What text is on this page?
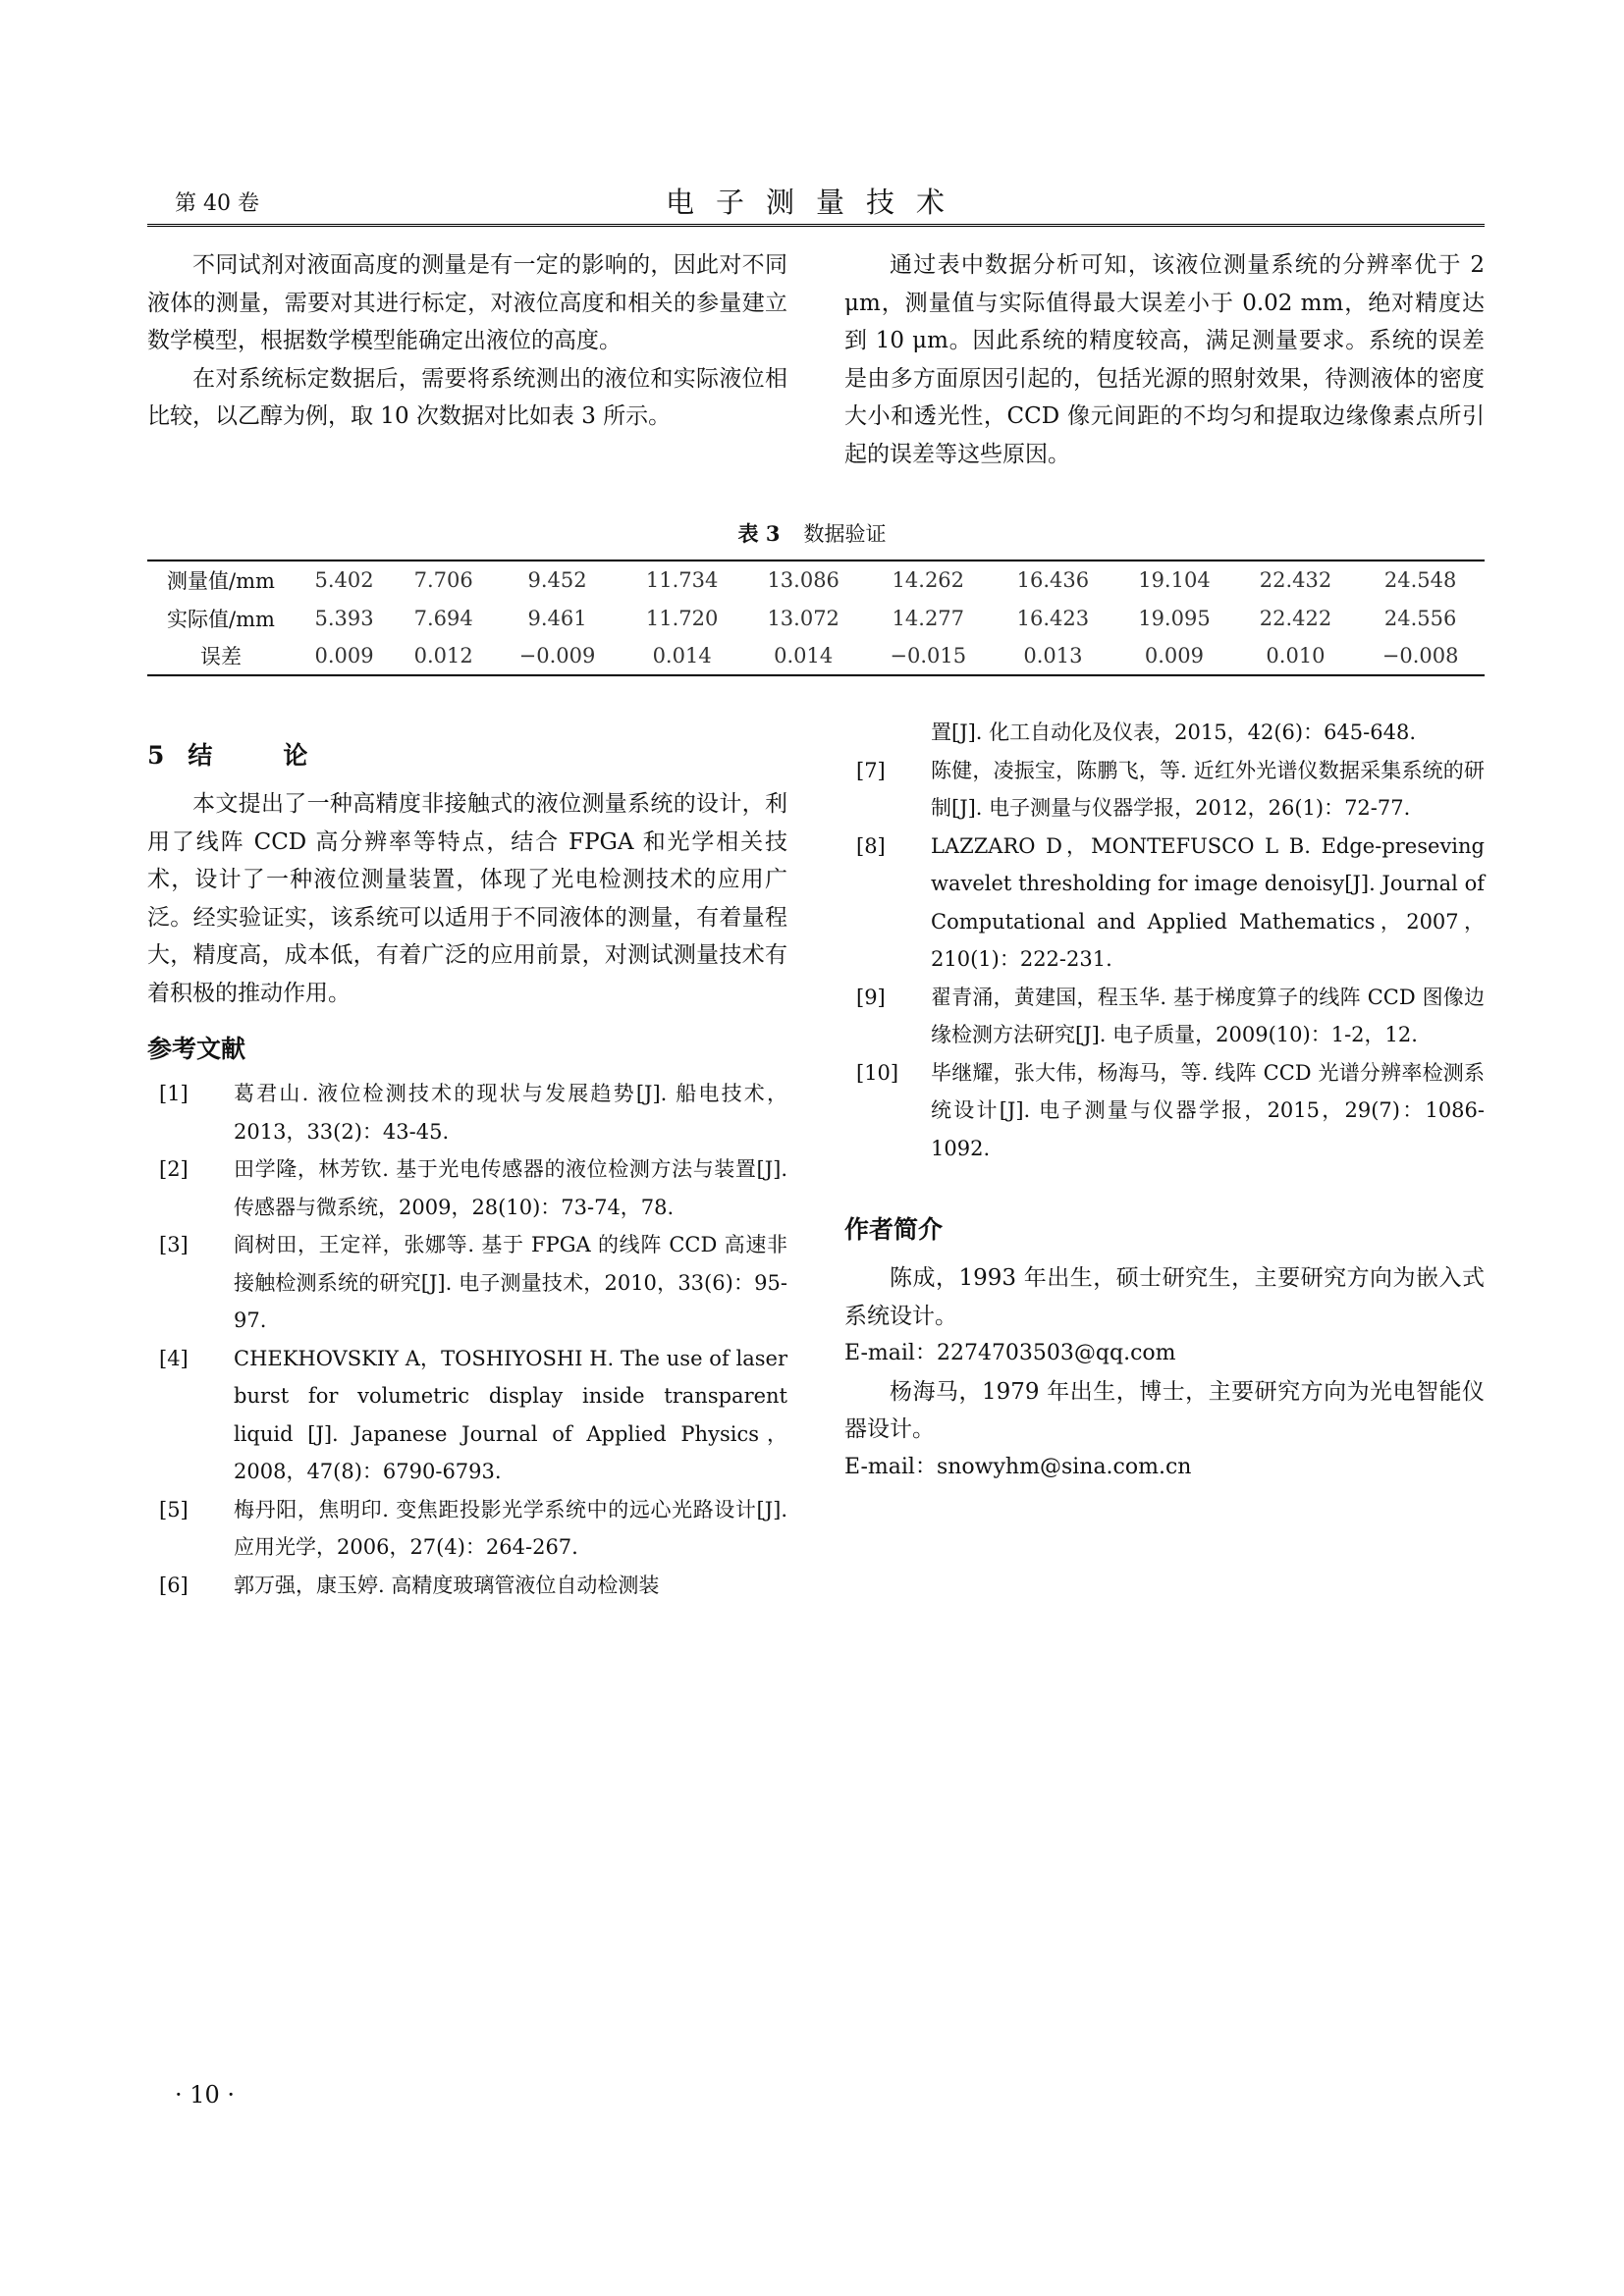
第 40 卷	电子测量技术

不同试剂对液面高度的测量是有一定的影响的，因此对不同液体的测量，需要对其进行标定，对液位高度和相关的参量建立数学模型，根据数学模型能确定出液位的高度。

在对系统标定数据后，需要将系统测出的液位和实际液位相比较，以乙醇为例，取 10 次数据对比如表 3 所示。

通过表中数据分析可知，该液位测量系统的分辨率优于 2 μm，测量值与实际值得最大误差小于 0.02 mm，绝对精度达到 10 μm。因此系统的精度较高，满足测量要求。系统的误差是由多方面原因引起的，包括光源的照射效果，待测液体的密度大小和透光性，CCD 像元间距的不均匀和提取边缘像素点所引起的误差等这些原因。

表 3 数据验证
测量值/mm	5.402	7.706	9.452	11.734	13.086	14.262	16.436	19.104	22.432	24.548
实际值/mm	5.393	7.694	9.461	11.720	13.072	14.277	16.423	19.095	22.422	24.556
误差	0.009	0.012	−0.009	0.014	0.014	−0.015	0.013	0.009	0.010	−0.008
5 结	论

本文提出了一种高精度非接触式的液位测量系统的设计，利用了线阵 CCD 高分辨率等特点，结合 FPGA 和光学相关技术，设计了一种液位测量装置，体现了光电检测技术的应用广泛。经实验证实，该系统可以适用于不同液体的测量，有着量程大，精度高，成本低，有着广泛的应用前景，对测试测量技术有着积极的推动作用。

参考文献
[1] 葛君山. 液位检测技术的现状与发展趋势[J]. 船电技术，2013，33(2)：43-45.
[2] 田学隆，林芳钦. 基于光电传感器的液位检测方法与装置[J]. 传感器与微系统，2009，28(10)：73-74，78.
[3] 阎树田，王定祥，张娜等. 基于 FPGA 的线阵 CCD 高速非接触检测系统的研究[J]. 电子测量技术，2010，33(6)：95-97.
[4] CHEKHOVSKIY A，TOSHIYOSHI H. The use of laser burst for volumetric display inside transparent liquid [J]. Japanese Journal of Applied Physics，2008，47(8)：6790-6793.
[5] 梅丹阳，焦明印. 变焦距投影光学系统中的远心光路设计[J]. 应用光学，2006，27(4)：264-267.
[6] 郭万强，康玉婷. 高精度玻璃管液位自动检测装
置[J]. 化工自动化及仪表，2015，42(6)：645-648.
[7] 陈健，凌振宝，陈鹏飞，等. 近红外光谱仪数据采集系统的研制[J]. 电子测量与仪器学报，2012，26(1)：72-77.
[8] LAZZARO D，MONTEFUSCO L B. Edge-preseving wavelet thresholding for image denoisy[J]. Journal of Computational and Applied Mathematics，2007，210(1)：222-231.
[9] 翟青涌，黄建国，程玉华. 基于梯度算子的线阵 CCD 图像边缘检测方法研究[J]. 电子质量，2009(10)：1-2，12.
[10] 毕继耀，张大伟，杨海马，等. 线阵 CCD 光谱分辨率检测系统设计[J]. 电子测量与仪器学报，2015，29(7)：1086-1092.
作者简介

陈成，1993 年出生，硕士研究生，主要研究方向为嵌入式系统设计。

E-mail：2274703503@qq.com

杨海马，1979 年出生，博士，主要研究方向为光电智能仪器设计。

E-mail：snowyhm@sina.com.cn

· 10 ·
